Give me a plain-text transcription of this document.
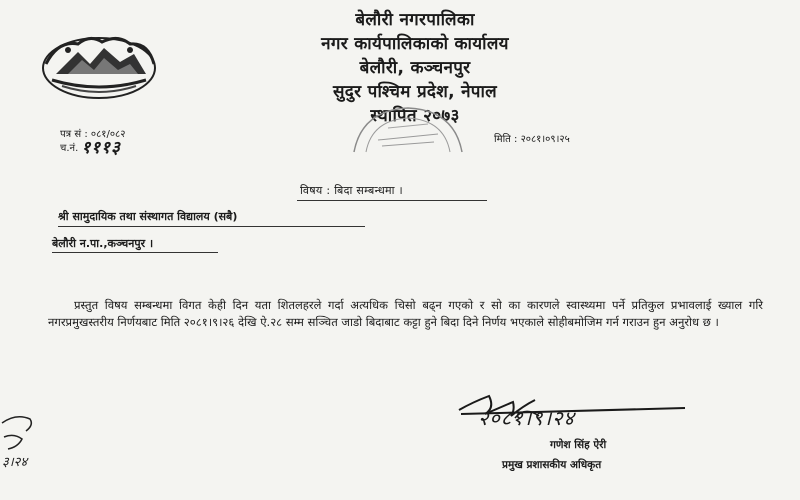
बेलौरी नगरपालिका
नगर कार्यपालिकाको कार्यालय
बेलौरी, कञ्चनपुर
सुदुर पश्चिम प्रदेश, नेपाल
स्थापित २०७३
पत्र सं : ०८१/०८२
च.नं. १११३	मिति : २०८१।०९।२५
विषय : बिदा सम्बन्धमा ।
श्री सामुदायिक तथा संस्थागत विद्यालय (सबै)
बेलौरी न.पा.,कञ्चनपुर ।
प्रस्तुत विषय सम्बन्धमा विगत केही दिन यता शितलहरले गर्दा अत्यधिक चिसो बढ्न गएको र सो का कारणले स्वास्थ्यमा पर्ने प्रतिकुल प्रभावलाई ख्याल गरि नगरप्रमुखस्तरीय निर्णयबाट मिति २०८१।९।२६ देखि ऐ.२८ सम्म सञ्चित जाडो बिदाबाट कट्टा हुने बिदा दिने निर्णय भएकाले सोहीबमोजिम गर्न गराउन हुन अनुरोध छ ।
२०८१।९।२४
गणेश सिंह ऐरी
प्रमुख प्रशासकीय अधिकृत
३।२४
